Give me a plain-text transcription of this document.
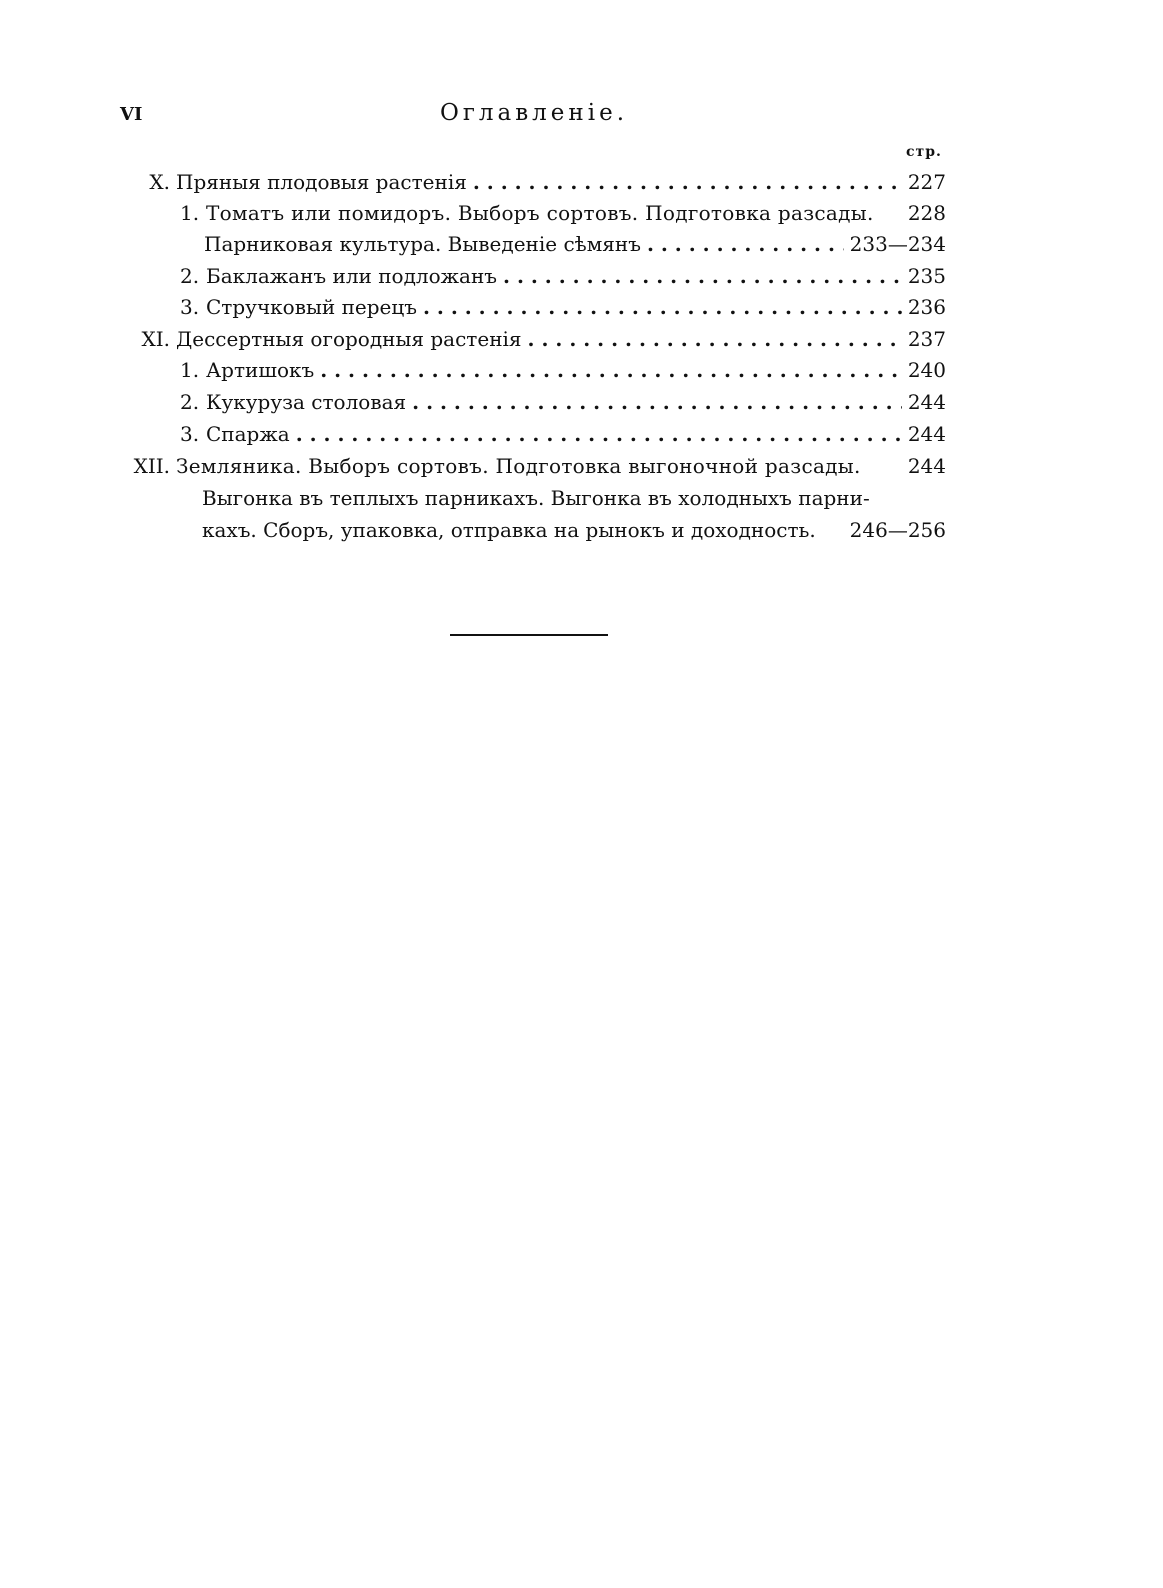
VI	Оглавленіе.
стр.
X. Пряныя плодовыя растенія . . .	227
1. Томатъ или помидоръ. Выборъ сортовъ. Подготовка разсады. 228
Парниковая культура. Выведеніе сѣмянъ . . .	233—234
2. Баклажанъ или подложанъ . . .	235
3. Стручковый перецъ . . .	236
XI. Дессертныя огородныя растенія . . .	237
1. Артишокъ . . .	240
2. Кукуруза столовая . . .	244
3. Спаржа . . .	244
XII. Земляника. Выборъ сортовъ. Подготовка выгоночной разсады. 244
Выгонка въ теплыхъ парникахъ. Выгонка въ холодныхъ парни-
кахъ. Сборъ, упаковка, отправка на рынокъ и доходность. 246—256
